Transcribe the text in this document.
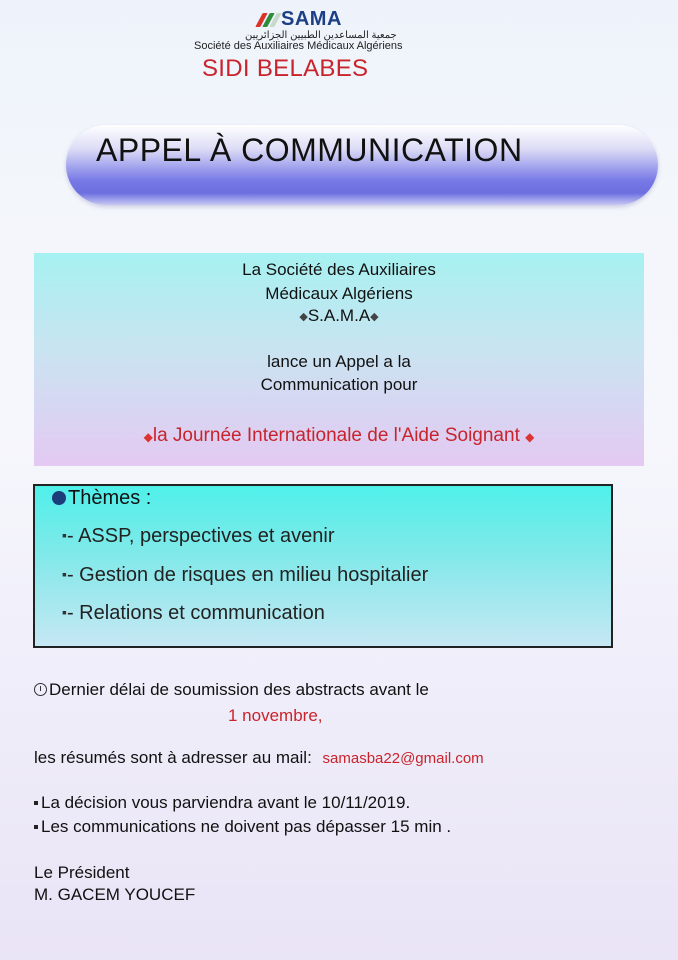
SAMA
جمعية المساعدين الطبيين الجزائريين
Société des Auxiliaires Médicaux Algériens
SIDI BELABES
APPEL À COMMUNICATION
La Société des Auxiliaires
Médicaux Algériens
◆S.A.M.A◆
lance un Appel a la
Communication pour
◆la Journée Internationale de l'Aide Soignant ◆
Thèmes :
▪- ASSP, perspectives et avenir
▪- Gestion de risques en milieu hospitalier
▪- Relations et communication
Dernier délai de soumission des abstracts avant le
1 novembre,
les résumés sont à adresser au mail: samasba22@gmail.com
La décision vous parviendra avant le 10/11/2019.
Les communications ne doivent pas dépasser 15 min .
Le Président
M. GACEM YOUCEF
